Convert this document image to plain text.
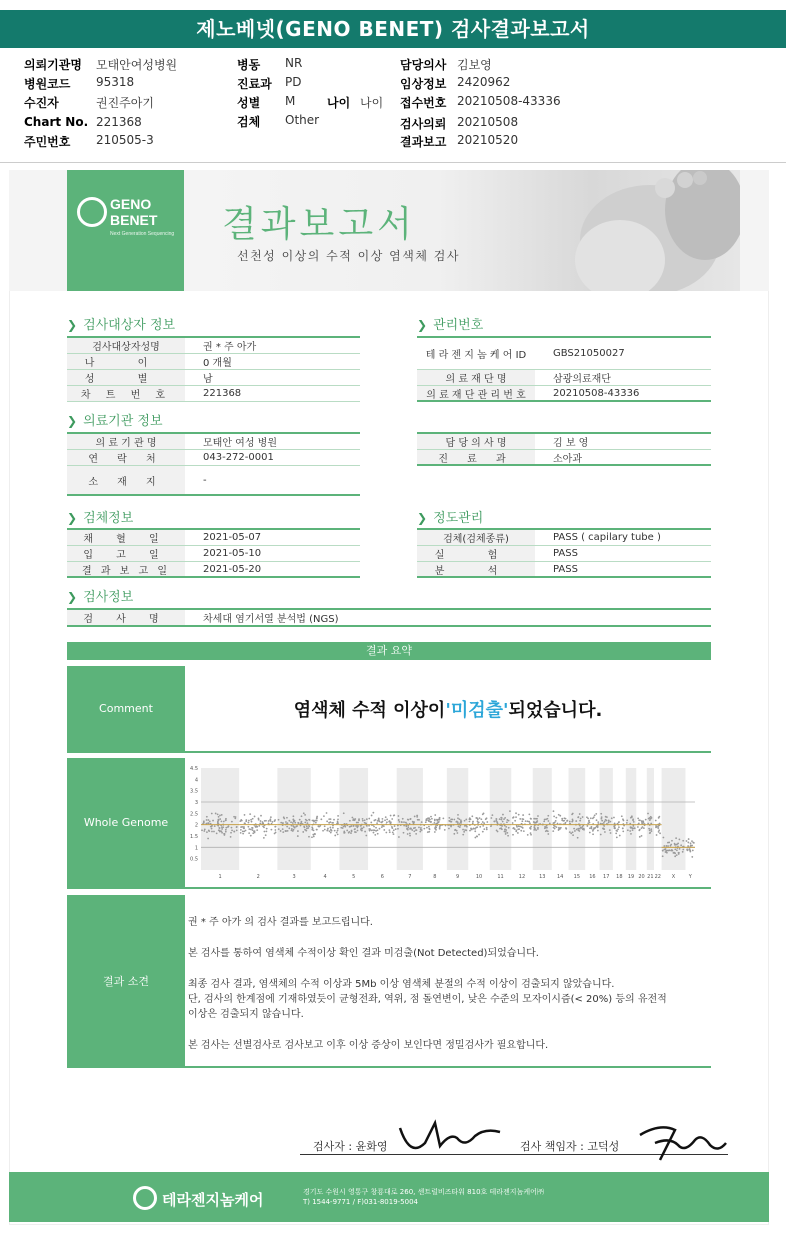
제노베넷(GENO BENET) 검사결과보고서
의뢰기관명 모태안여성병원
병원코드 95318
수진자	권진주아기
Chart No. 221368
주민번호 210505-3
병동 NR
진료과 PD
성별 M
검체 Other
나이 나이
담당의사 김보영
임상정보 2420962
접수번호 20210508-43336
검사의뢰 20210508
결과보고 20210520
GENO
BENET
Next Generation Sequencing 결과보고서
선천성 이상의 수적 이상 염색체 검사
❯ 검사대상자 정보	❯ 관리번호
❯ 의료기관 정보
❯ 검체정보	❯ 정도관리
❯ 검사정보
검사대상자성명	권 * 주 아가
나 이	0 개월
성 별	남
차 트 번 호	221368
테 라 젠 지 놈 케 어 ID	GBS21050027
의 료 재 단 명	삼광의료재단
의 료 재 단 관 리 번 호	20210508-43336
의 료 기 관 명	모태안 여성 병원
연 락 처	043-272-0001
소 재 지	-
담 당 의 사 명	김 보 영
진 료 과	소아과
채 혈 일	2021-05-07
입 고 일	2021-05-10
결 과 보 고 일	2021-05-20
검체(검체종류)	PASS ( capilary tube )
실 험	PASS
분 석	PASS
검 사 명	차세대 염기서열 분석법 (NGS)
결과 요약
Comment	염색체 수적 이상이 '미검출' 되었습니다.
Whole Genome
4.5
4
3.5
3
2.5
2
1.5
1
0.5
1	2	3	4	5	6	7	8	9	10	11	12	13 14 15 16 17 18 19 20 21 22 X	Y
결과 소견

권 * 주 아가 의 검사 결과를 보고드립니다.

본 검사를 통하여 염색체 수적이상 확인 결과 미검출(Not Detected)되었습니다.

최종 검사 결과, 염색체의 수적 이상과 5Mb 이상 염색체 분절의 수적 이상이 검출되지 않았습니다.

단, 검사의 한계점에 기재하였듯이 균형전좌, 역위, 점 돌연변이, 낮은 수준의 모자이시즘(< 20%) 등의 유전적

이상은 검출되지 않습니다.

본 검사는 선별검사로 검사보고 이후 이상 증상이 보인다면 정밀검사가 필요합니다.

검사자 : 윤화영	검사 책임자 : 고덕성
테라젠지놈케어	경기도 수원시 영통구 창룡대로 260, 센트럴비즈타워 810호 테라젠지놈케어㈜
T) 1544-9771 / F)031-8019-5004
